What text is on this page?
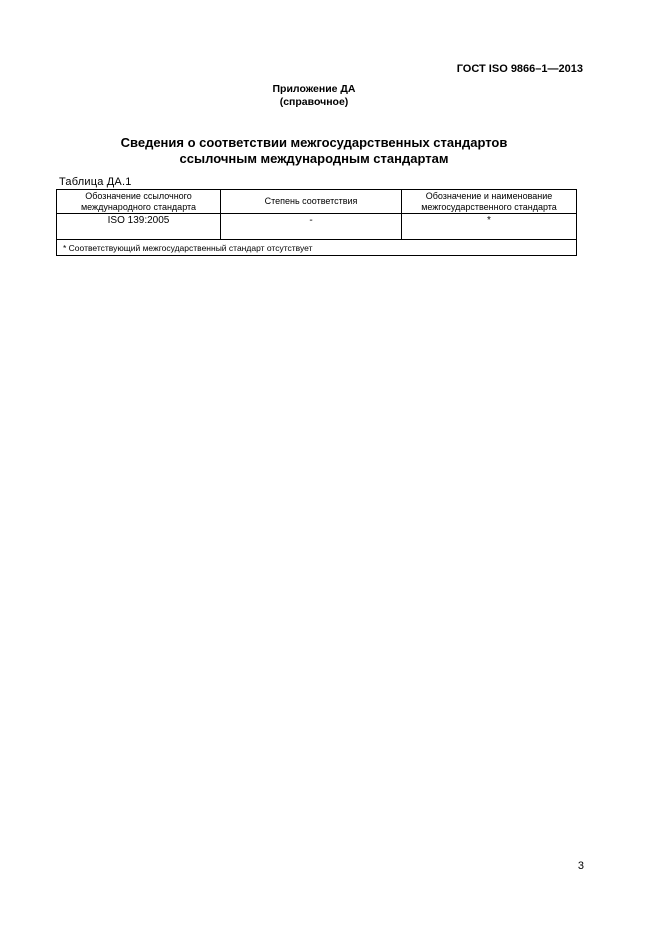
ГОСТ ISO 9866–1—2013
Приложение ДА
(справочное)
Сведения о соответствии межгосударственных стандартов
ссылочным международным стандартам
Таблица ДА.1
Обозначение ссылочного международного стандарта	Степень соответствия	Обозначение и наименование межгосударственного стандарта
ISO 139:2005	-	*
* Соответствующий межгосударственный стандарт отсутствует		
3
